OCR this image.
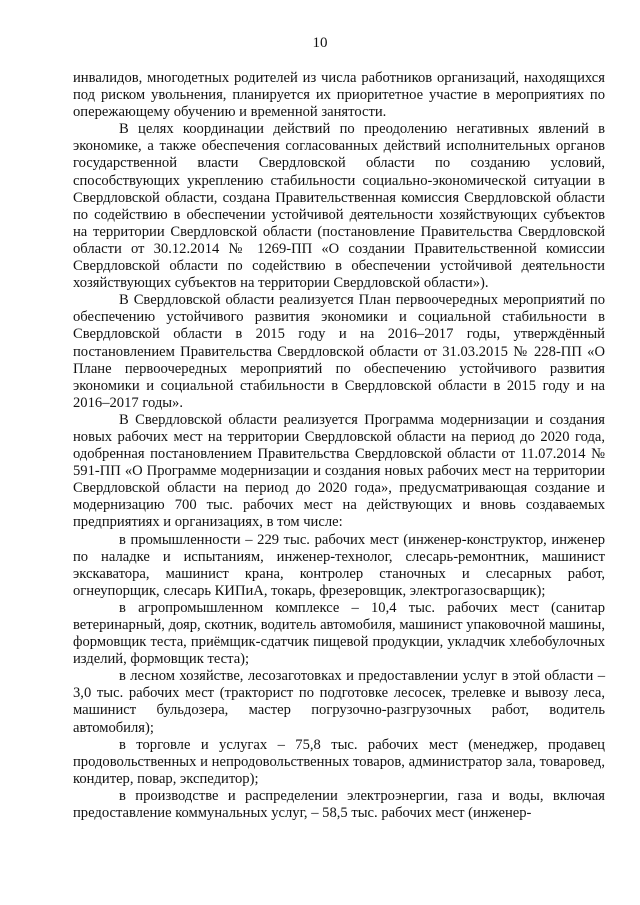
10

инвалидов, многодетных родителей из числа работников организаций, находящихся под риском увольнения, планируется их приоритетное участие в мероприятиях по опережающему обучению и временной занятости.

В целях координации действий по преодолению негативных явлений в экономике, а также обеспечения согласованных действий исполнительных органов государственной власти Свердловской области по созданию условий, способствующих укреплению стабильности социально-экономической ситуации в Свердловской области, создана Правительственная комиссия Свердловской области по содействию в обеспечении устойчивой деятельности хозяйствующих субъектов на территории Свердловской области (постановление Правительства Свердловской области от 30.12.2014 № 1269-ПП «О создании Правительственной комиссии Свердловской области по содействию в обеспечении устойчивой деятельности хозяйствующих субъектов на территории Свердловской области»).

В Свердловской области реализуется План первоочередных мероприятий по обеспечению устойчивого развития экономики и социальной стабильности в Свердловской области в 2015 году и на 2016–2017 годы, утверждённый постановлением Правительства Свердловской области от 31.03.2015 № 228-ПП «О Плане первоочередных мероприятий по обеспечению устойчивого развития экономики и социальной стабильности в Свердловской области в 2015 году и на 2016–2017 годы».

В Свердловской области реализуется Программа модернизации и создания новых рабочих мест на территории Свердловской области на период до 2020 года, одобренная постановлением Правительства Свердловской области от 11.07.2014 № 591-ПП «О Программе модернизации и создания новых рабочих мест на территории Свердловской области на период до 2020 года», предусматривающая создание и модернизацию 700 тыс. рабочих мест на действующих и вновь создаваемых предприятиях и организациях, в том числе:

в промышленности – 229 тыс. рабочих мест (инженер-конструктор, инженер по наладке и испытаниям, инженер-технолог, слесарь-ремонтник, машинист экскаватора, машинист крана, контролер станочных и слесарных работ, огнеупорщик, слесарь КИПиА, токарь, фрезеровщик, электрогазосварщик);

в агропромышленном комплексе – 10,4 тыс. рабочих мест (санитар ветеринарный, дояр, скотник, водитель автомобиля, машинист упаковочной машины, формовщик теста, приёмщик-сдатчик пищевой продукции, укладчик хлебобулочных изделий, формовщик теста);

в лесном хозяйстве, лесозаготовках и предоставлении услуг в этой области – 3,0 тыс. рабочих мест (тракторист по подготовке лесосек, трелевке и вывозу леса, машинист бульдозера, мастер погрузочно-разгрузочных работ, водитель автомобиля);

в торговле и услугах – 75,8 тыс. рабочих мест (менеджер, продавец продовольственных и непродовольственных товаров, администратор зала, товаровед, кондитер, повар, экспедитор);

в производстве и распределении электроэнергии, газа и воды, включая предоставление коммунальных услуг, – 58,5 тыс. рабочих мест (инженер-
